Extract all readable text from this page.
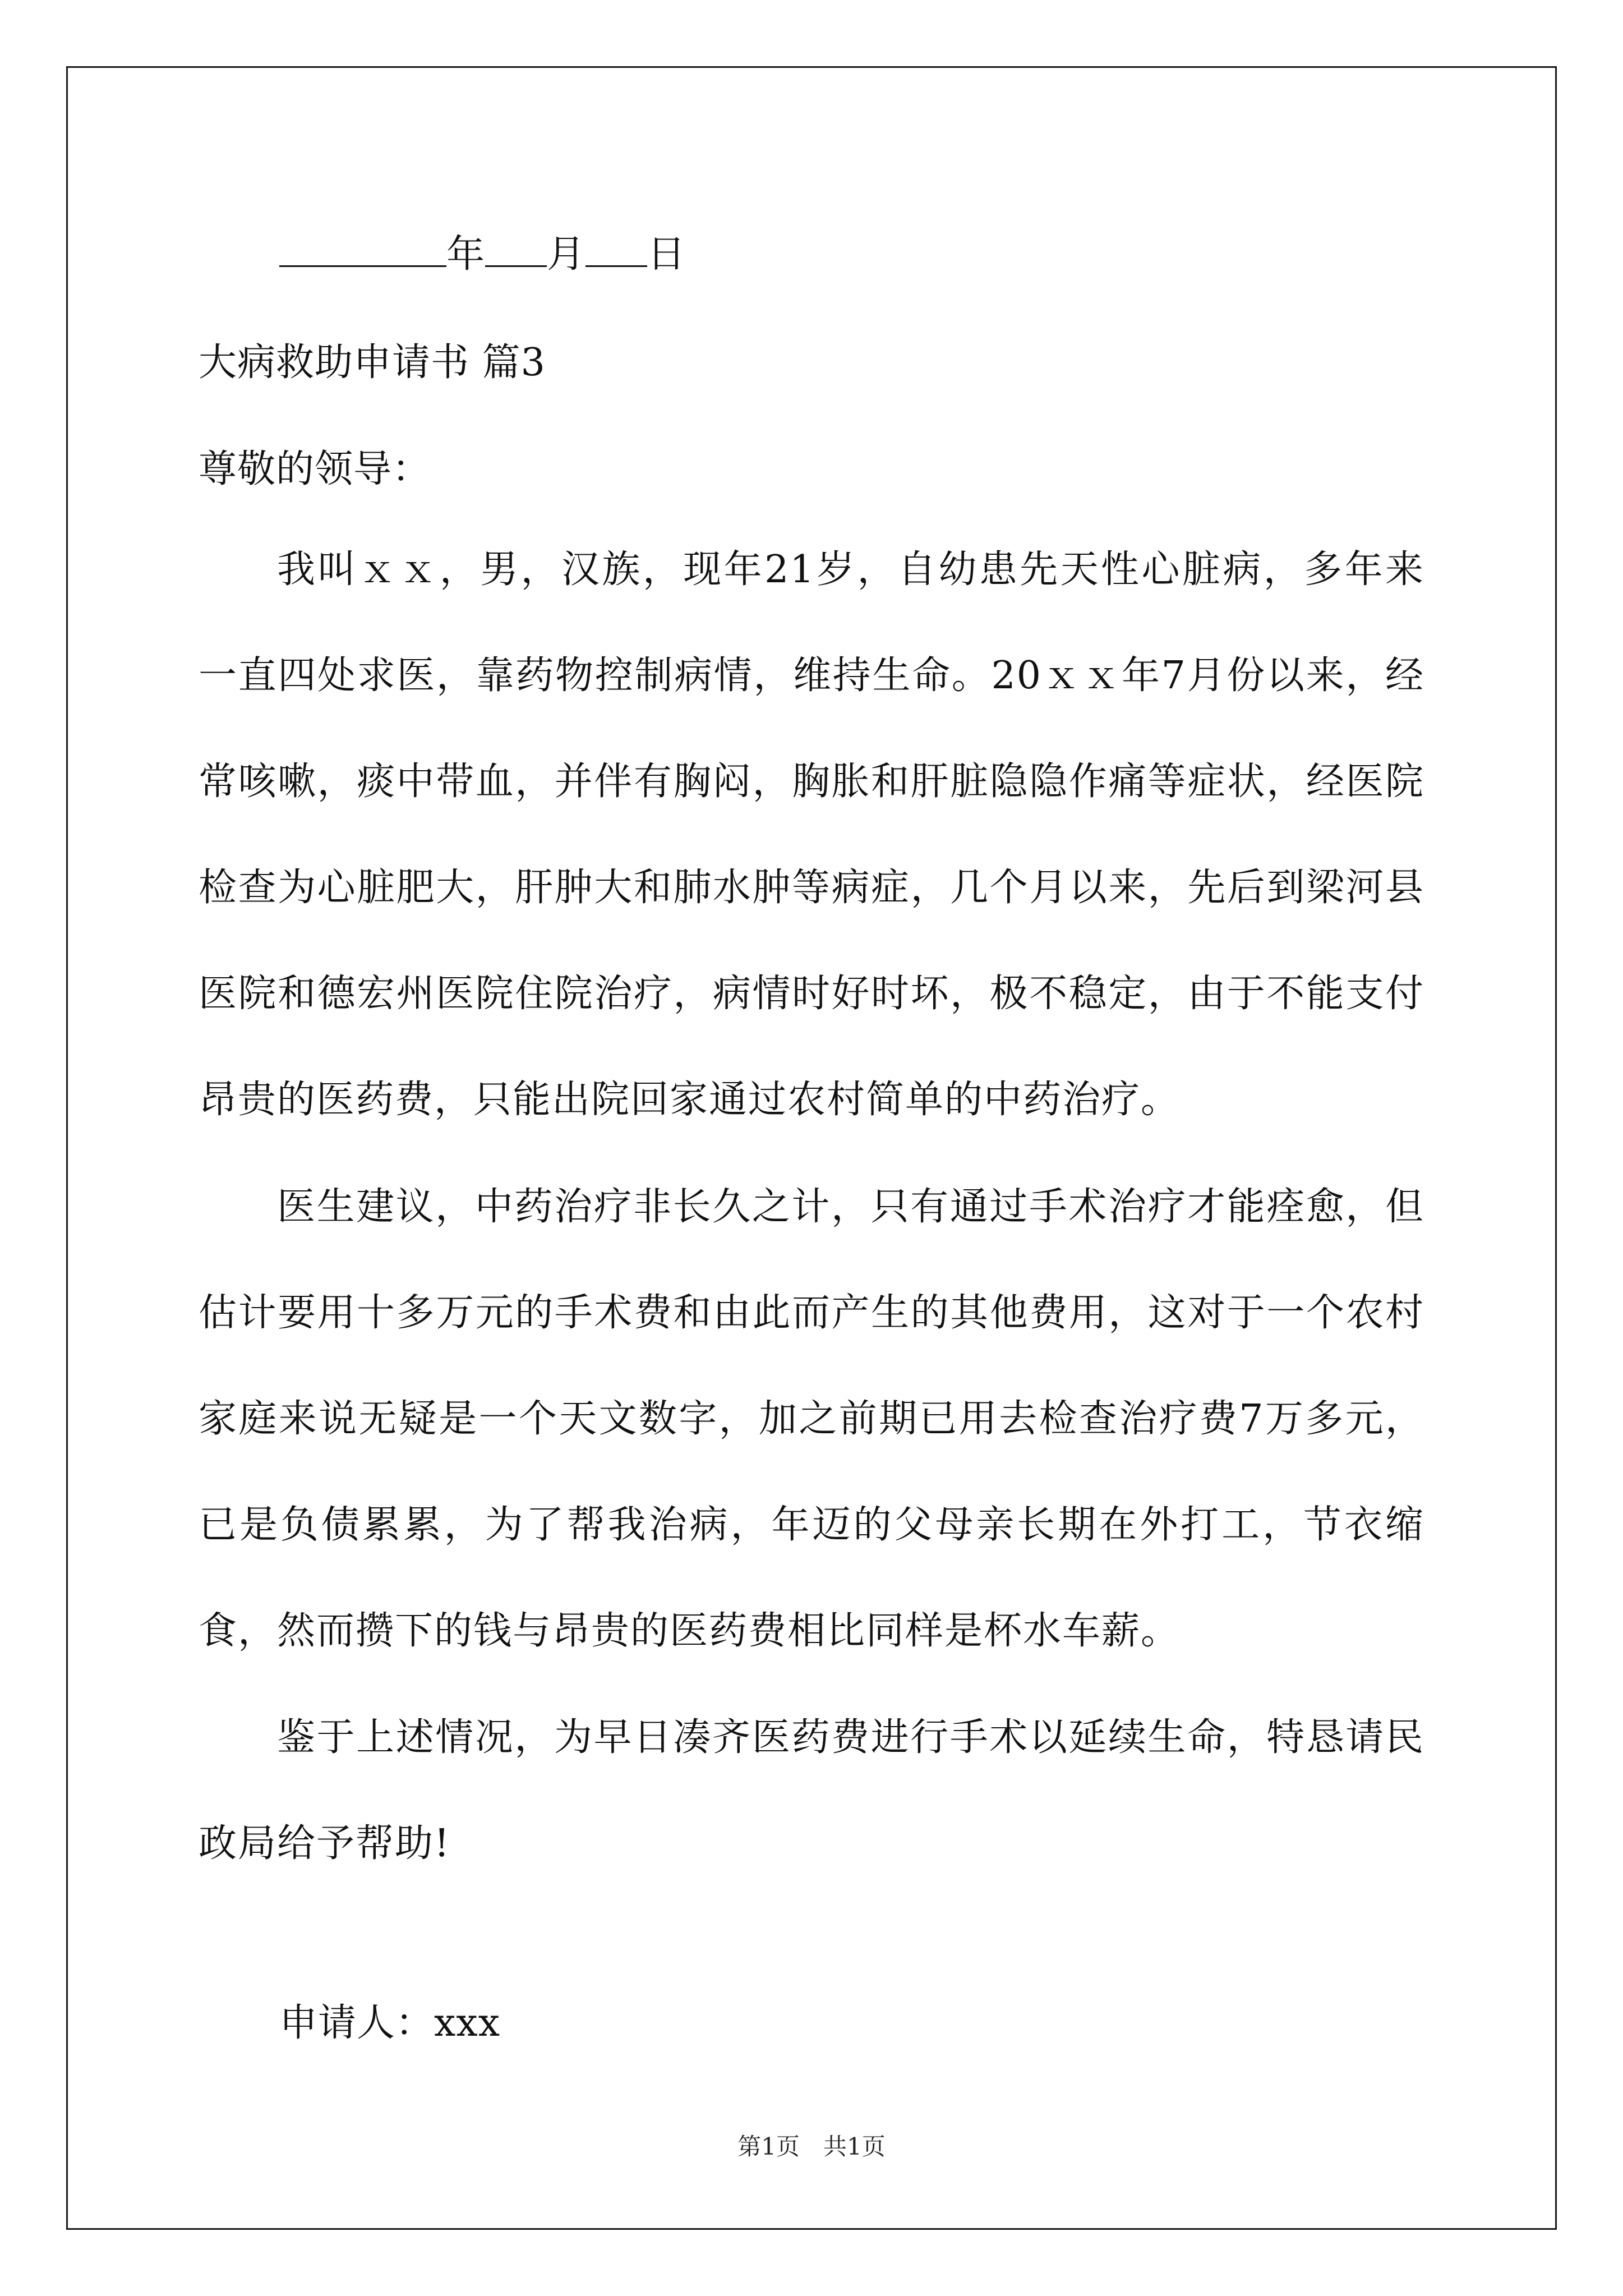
年 月 日
大病救助申请书 篇3
尊敬的领导：

我叫ｘｘ，男，汉族，现年21岁，自幼患先天性心脏病，多年来一直四处求医，靠药物控制病情，维持生命。20ｘｘ年7月份以来，经常咳嗽，痰中带血，并伴有胸闷，胸胀和肝脏隐隐作痛等症状，经医院检查为心脏肥大，肝肿大和肺水肿等病症，几个月以来，先后到梁河县医院和德宏州医院住院治疗，病情时好时坏，极不稳定，由于不能支付昂贵的医药费，只能出院回家通过农村简单的中药治疗。

医生建议，中药治疗非长久之计，只有通过手术治疗才能痊愈，但估计要用十多万元的手术费和由此而产生的其他费用，这对于一个农村家庭来说无疑是一个天文数字，加之前期已用去检查治疗费7万多元，已是负债累累，为了帮我治病，年迈的父母亲长期在外打工，节衣缩食，然而攒下的钱与昂贵的医药费相比同样是杯水车薪。

鉴于上述情况，为早日凑齐医药费进行手术以延续生命，特恳请民政局给予帮助!

申请人：xxx
第1页　共1页
